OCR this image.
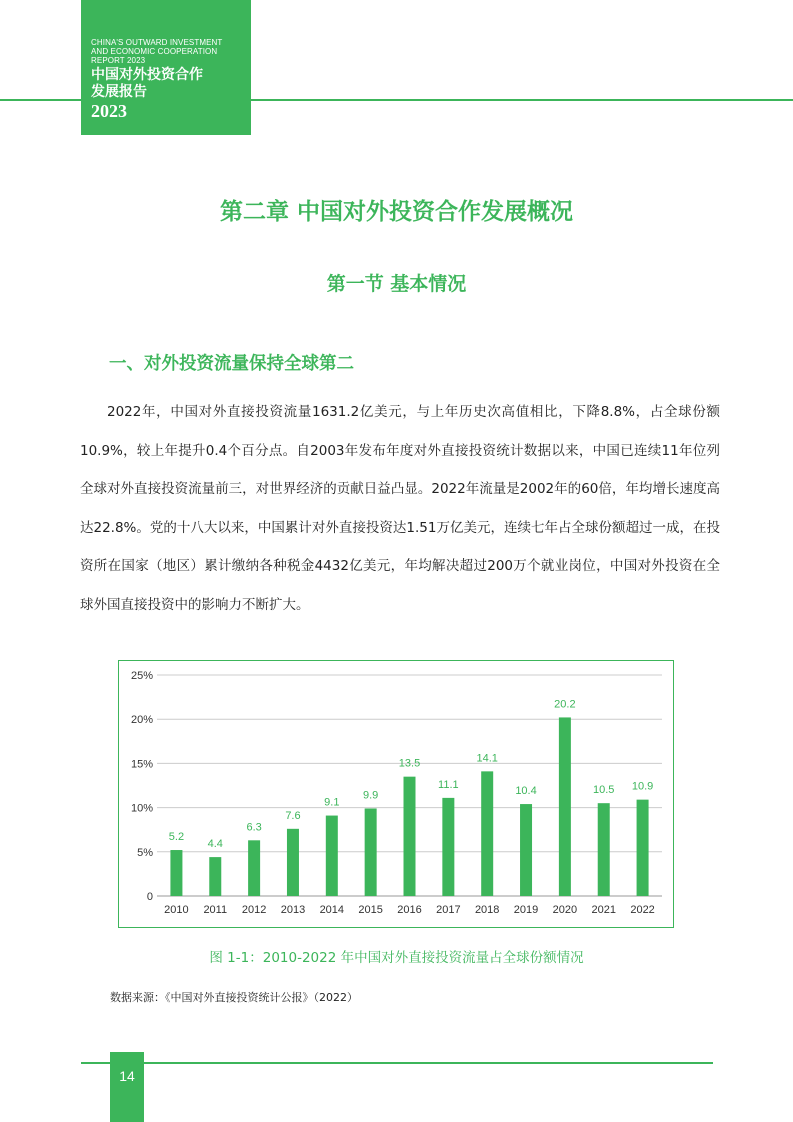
CHINA'S OUTWARD INVESTMENT
AND ECONOMIC COOPERATION
REPORT 2023
中国对外投资合作
发展报告
2023
第二章 中国对外投资合作发展概况
第一节 基本情况
一、对外投资流量保持全球第二

2022年，中国对外直接投资流量1631.2亿美元，与上年历史次高值相比，下降8.8%，占全球份额10.9%，较上年提升0.4个百分点。自2003年发布年度对外直接投资统计数据以来，中国已连续11年位列全球对外直接投资流量前三，对世界经济的贡献日益凸显。2022年流量是2002年的60倍，年均增长速度高达22.8%。党的十八大以来，中国累计对外直接投资达1.51万亿美元，连续七年占全球份额超过一成，在投资所在国家（地区）累计缴纳各种税金4432亿美元，年均解决超过200万个就业岗位，中国对外投资在全球外国直接投资中的影响力不断扩大。

0
5%
10%
15%
20%
25%
5.2
2010
4.4
2011
6.3
2012
7.6
2013
9.1
2014
9.9
2015
13.5
2016
11.1
2017
14.1
2018
10.4
2019
20.2
2020
10.5
2021
10.9
2022
图 1-1：2010-2022 年中国对外直接投资流量占全球份额情况
数据来源：《中国对外直接投资统计公报》（2022）
14
